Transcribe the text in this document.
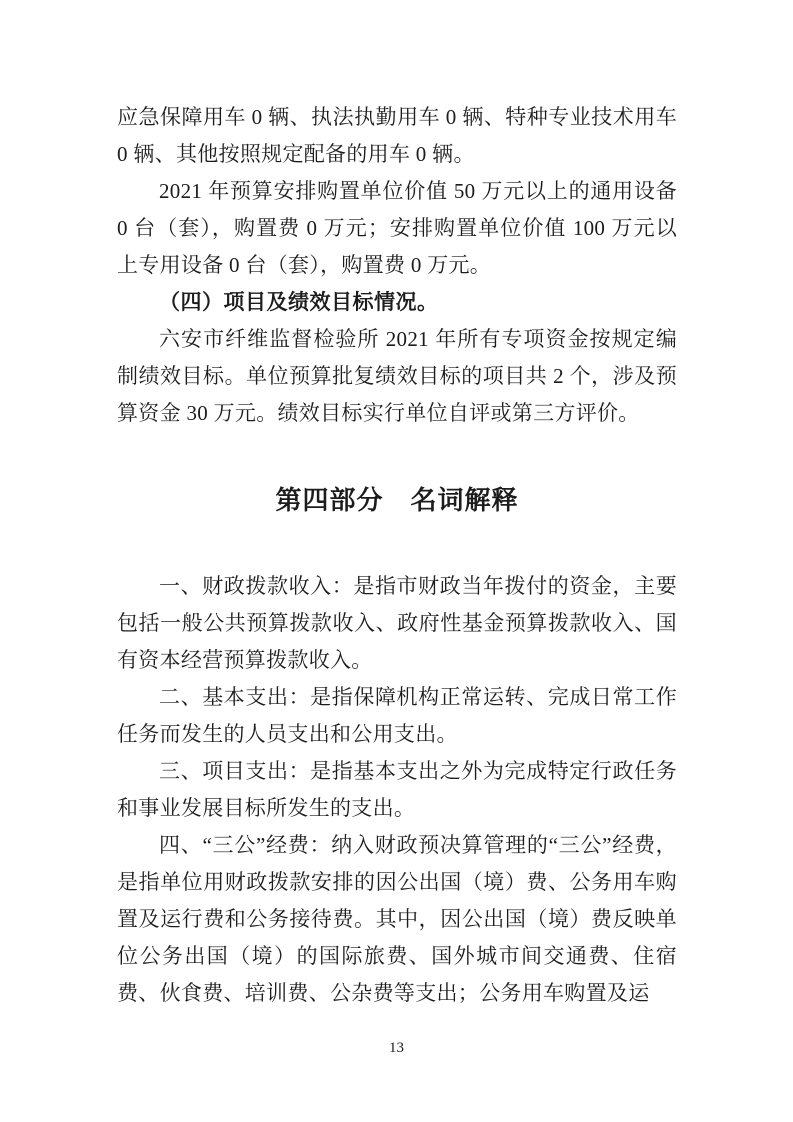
应急保障用车 0 辆、执法执勤用车 0 辆、特种专业技术用车 0 辆、其他按照规定配备的用车 0 辆。

2021 年预算安排购置单位价值 50 万元以上的通用设备 0 台（套），购置费 0 万元；安排购置单位价值 100 万元以上专用设备 0 台（套），购置费 0 万元。

（四）项目及绩效目标情况。

六安市纤维监督检验所 2021 年所有专项资金按规定编制绩效目标。单位预算批复绩效目标的项目共 2 个，涉及预算资金 30 万元。绩效目标实行单位自评或第三方评价。

第四部分　名词解释

一、财政拨款收入：是指市财政当年拨付的资金，主要包括一般公共预算拨款收入、政府性基金预算拨款收入、国有资本经营预算拨款收入。

二、基本支出：是指保障机构正常运转、完成日常工作任务而发生的人员支出和公用支出。

三、项目支出：是指基本支出之外为完成特定行政任务和事业发展目标所发生的支出。

四、“三公”经费：纳入财政预决算管理的“三公”经费，是指单位用财政拨款安排的因公出国（境）费、公务用车购置及运行费和公务接待费。其中，因公出国（境）费反映单位公务出国（境）的国际旅费、国外城市间交通费、住宿费、伙食费、培训费、公杂费等支出；公务用车购置及运

13
